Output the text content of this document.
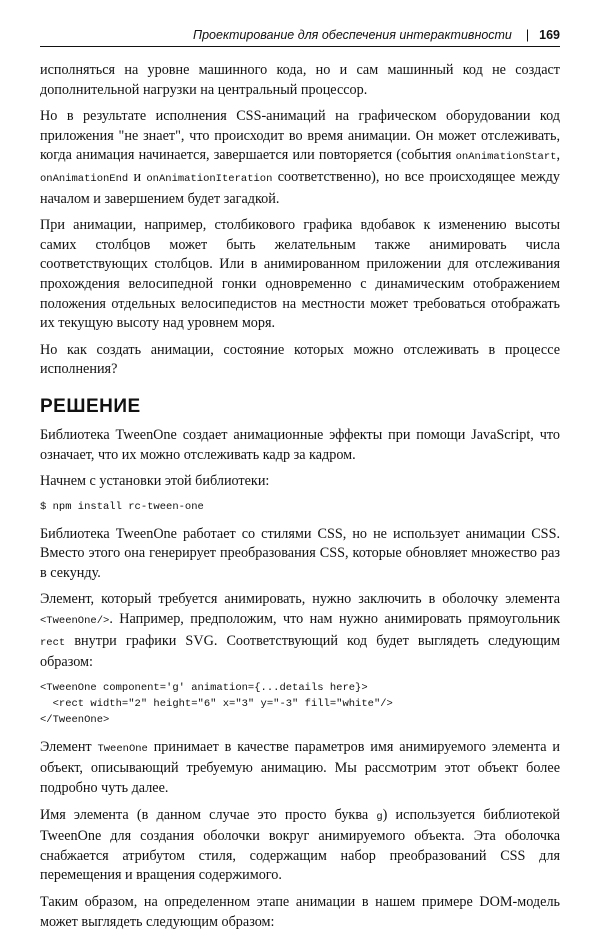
Проектирование для обеспечения интерактивности | 169

исполняться на уровне машинного кода, но и сам машинный код не создаст дополнительной нагрузки на центральный процессор.

Но в результате исполнения CSS-анимаций на графическом оборудовании код приложения "не знает", что происходит во время анимации. Он может отслеживать, когда анимация начинается, завершается или повторяется (события onAnimationStart, onAnimationEnd и onAnimationIteration соответственно), но все происходящее между началом и завершением будет загадкой.

При анимации, например, столбикового графика вдобавок к изменению высоты самих столбцов может быть желательным также анимировать числа соответствующих столбцов. Или в анимированном приложении для отслеживания прохождения велосипедной гонки одновременно с динамическим отображением положения отдельных велосипедистов на местности может требоваться отображать их текущую высоту над уровнем моря.

Но как создать анимации, состояние которых можно отслеживать в процессе исполнения?

РЕШЕНИЕ

Библиотека TweenOne создает анимационные эффекты при помощи JavaScript, что означает, что их можно отслеживать кадр за кадром.

Начнем с установки этой библиотеки:

$ npm install rc-tween-one

Библиотека TweenOne работает со стилями CSS, но не использует анимации CSS. Вместо этого она генерирует преобразования CSS, которые обновляет множество раз в секунду.

Элемент, который требуется анимировать, нужно заключить в оболочку элемента <TweenOne/>. Например, предположим, что нам нужно анимировать прямоугольник rect внутри графики SVG. Соответствующий код будет выглядеть следующим образом:

<TweenOne component='g' animation={...details here}>
<rect width="2" height="6" x="3" y="-3" fill="white"/>
</TweenOne>

Элемент TweenOne принимает в качестве параметров имя анимируемого элемента и объект, описывающий требуемую анимацию. Мы рассмотрим этот объект более подробно чуть далее.

Имя элемента (в данном случае это просто буква g) используется библиотекой TweenOne для создания оболочки вокруг анимируемого объекта. Эта оболочка снабжается атрибутом стиля, содержащим набор преобразований CSS для перемещения и вращения содержимого.

Таким образом, на определенном этапе анимации в нашем примере DOM-модель может выглядеть следующим образом:
